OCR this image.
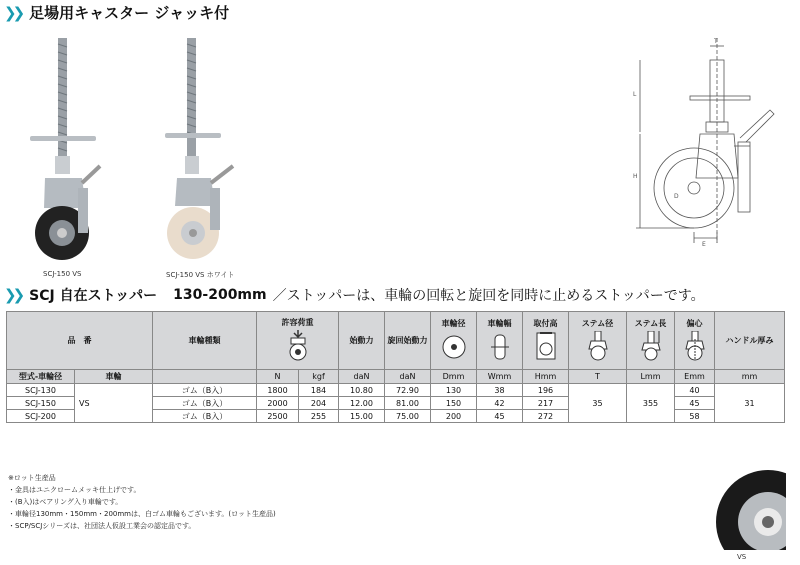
❯❯ 足場用キャスター ジャッキ付
SCJ-150 VS	SCJ-150 VS ホワイト
L
H
T
E
D
❯❯ SCJ 自在ストッパー 130-200mm ／ストッパーは、車輪の回転と旋回を同時に止めるストッパーです。
品　番		車輪種類	許容荷重		始動力	旋回始動力	車輪径	車輪幅	取付高	ステム径	ステム長	偏心	ハンドル厚み
型式-車輪径	車輪		N	kgf	daN	daN	Dmm	Wmm	Hmm	T	Lmm	Emm	mm
SCJ-130	VS	ゴム（B入）	1800	184	10.80	72.90	130	38	196	35	355	40	31
SCJ-150		ゴム（B入）	2000	204	12.00	81.00	150	42	217			45	
SCJ-200		ゴム（B入）	2500	255	15.00	75.00	200	45	272			58	
※ロット生産品
・金具はユニクロームメッキ仕上げです。
・(B入)はベアリング入り車輪です。
・車輪径130mm・150mm・200mmは、白ゴム車輪もございます。(ロット生産品)
・SCP/SCJシリーズは、社団法人仮設工業会の認定品です。
VS
